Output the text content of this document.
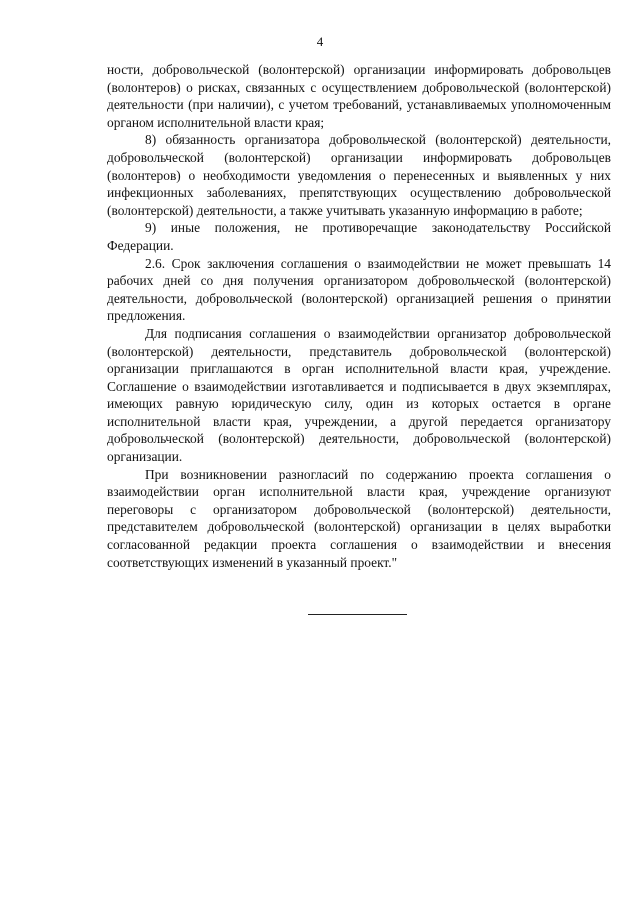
4

ности, добровольческой (волонтерской) организации информировать добровольцев (волонтеров) о рисках, связанных с осуществлением добровольческой (волонтерской) деятельности (при наличии), с учетом требований, устанавливаемых уполномоченным органом исполнительной власти края;

8) обязанность организатора добровольческой (волонтерской) деятельности, добровольческой (волонтерской) организации информировать добровольцев (волонтеров) о необходимости уведомления о перенесенных и выявленных у них инфекционных заболеваниях, препятствующих осуществлению добровольческой (волонтерской) деятельности, а также учитывать указанную информацию в работе;

9) иные положения, не противоречащие законодательству Российской Федерации.

2.6. Срок заключения соглашения о взаимодействии не может превышать 14 рабочих дней со дня получения организатором добровольческой (волонтерской) деятельности, добровольческой (волонтерской) организацией решения о принятии предложения.

Для подписания соглашения о взаимодействии организатор добровольческой (волонтерской) деятельности, представитель добровольческой (волонтерской) организации приглашаются в орган исполнительной власти края, учреждение. Соглашение о взаимодействии изготавливается и подписывается в двух экземплярах, имеющих равную юридическую силу, один из которых остается в органе исполнительной власти края, учреждении, а другой передается организатору добровольческой (волонтерской) деятельности, добровольческой (волонтерской) организации.

При возникновении разногласий по содержанию проекта соглашения о взаимодействии орган исполнительной власти края, учреждение организуют переговоры с организатором добровольческой (волонтерской) деятельности, представителем добровольческой (волонтерской) организации в целях выработки согласованной редакции проекта соглашения о взаимодействии и внесения соответствующих изменений в указанный проект."
